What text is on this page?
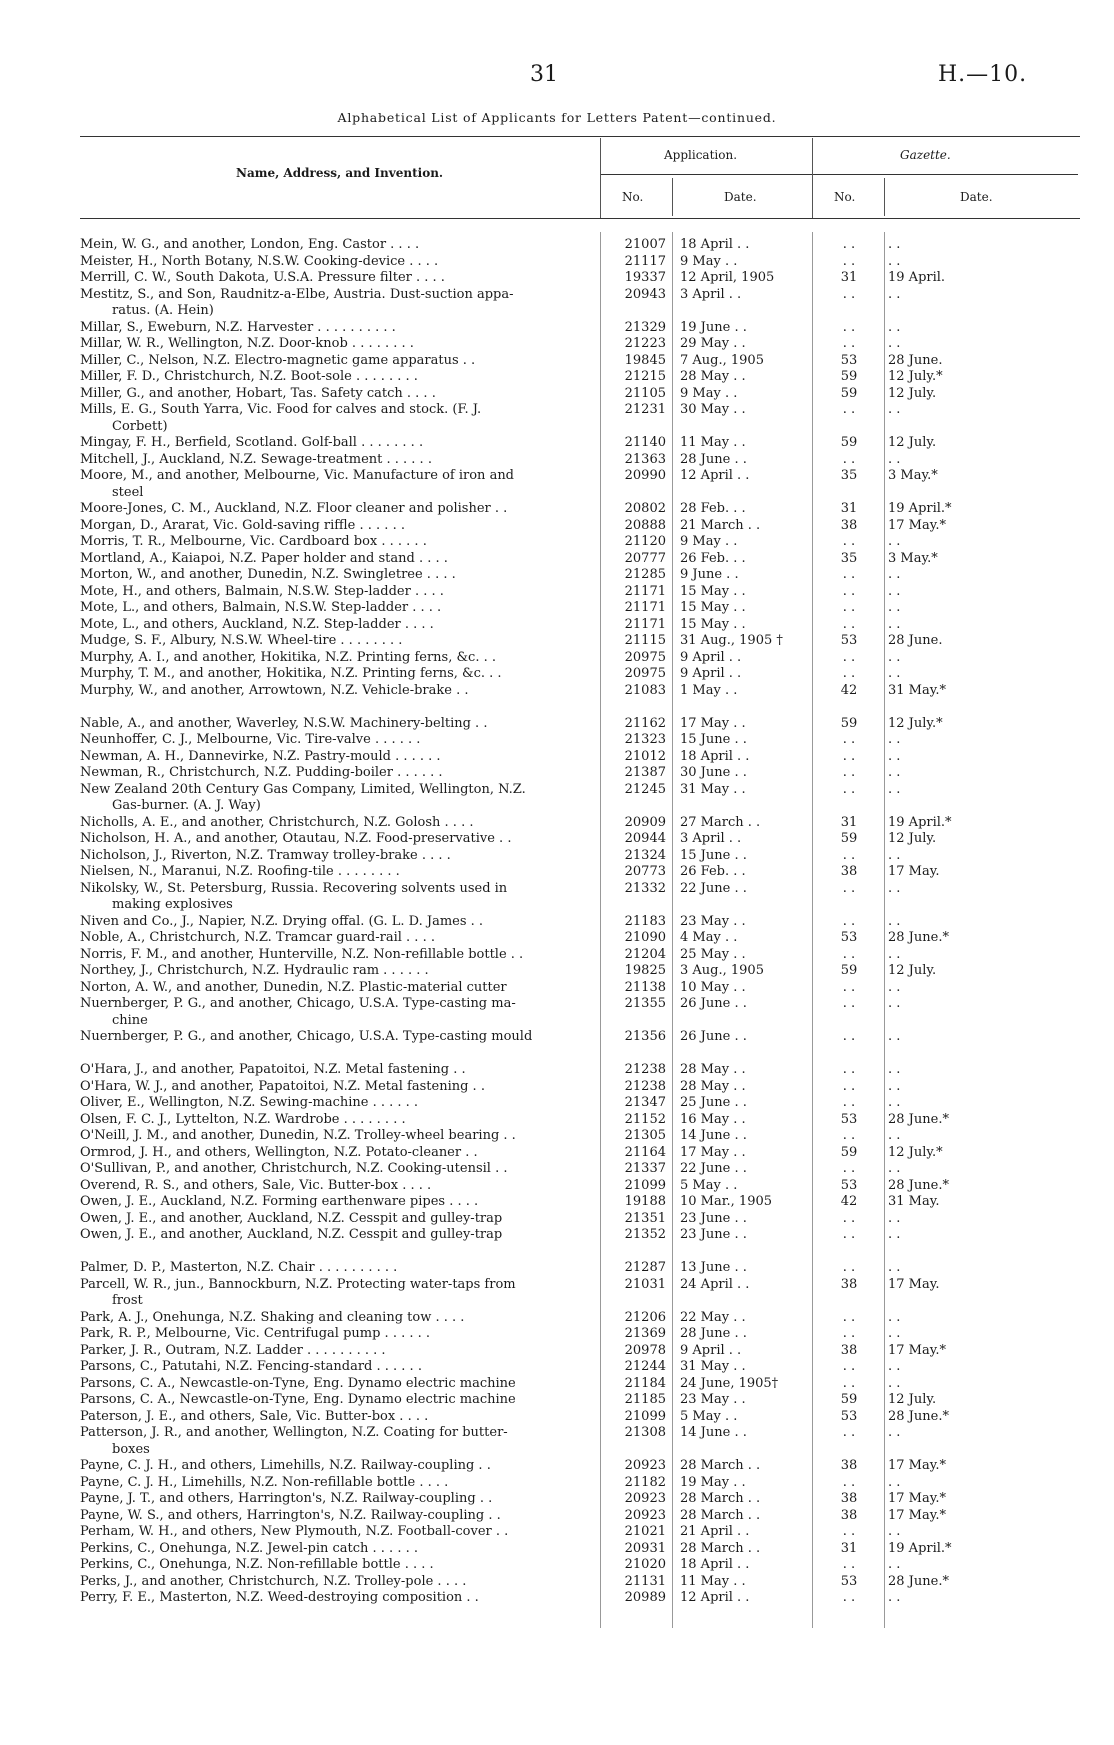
31	H.—10.
Alphabetical List of Applicants for Letters Patent—continued.
Name, Address, and Invention.
Application.	Gazette.
No.	Date.	No.	Date.
Mein, W. G., and another, London, Eng. Castor . . . .	21007 18 April . .	. .	. .
Meister, H., North Botany, N.S.W. Cooking-device . . . .	21117 9 May . .	. .	. .
Merrill, C. W., South Dakota, U.S.A. Pressure filter . . . .	19337 12 April, 1905	31	19 April.
Mestitz, S., and Son, Raudnitz-a-Elbe, Austria. Dust-suction appa-	20943 3 April . .	. .	. .
ratus. (A. Hein)
Millar, S., Eweburn, N.Z. Harvester . . . . . . . . . .	21329 19 June . .	. .	. .
Millar, W. R., Wellington, N.Z. Door-knob . . . . . . . .	21223 29 May . .	. .	. .
Miller, C., Nelson, N.Z. Electro-magnetic game apparatus . .	19845 7 Aug., 1905	53	28 June.
Miller, F. D., Christchurch, N.Z. Boot-sole . . . . . . . .	21215 28 May . .	59	12 July.*
Miller, G., and another, Hobart, Tas. Safety catch . . . .	21105 9 May . .	59	12 July.
Mills, E. G., South Yarra, Vic. Food for calves and stock. (F. J.	21231 30 May . .	. .	. .
Corbett)
Mingay, F. H., Berfield, Scotland. Golf-ball . . . . . . . .	21140 11 May . .	59	12 July.
Mitchell, J., Auckland, N.Z. Sewage-treatment . . . . . .	21363 28 June . .	. .	. .
Moore, M., and another, Melbourne, Vic. Manufacture of iron and	20990 12 April . .	35	3 May.*
steel
Moore-Jones, C. M., Auckland, N.Z. Floor cleaner and polisher . .	20802 28 Feb. . .	31	19 April.*
Morgan, D., Ararat, Vic. Gold-saving riffle . . . . . .	20888 21 March . .	38	17 May.*
Morris, T. R., Melbourne, Vic. Cardboard box . . . . . .	21120 9 May . .	. .	. .
Mortland, A., Kaiapoi, N.Z. Paper holder and stand . . . .	20777 26 Feb. . .	35	3 May.*
Morton, W., and another, Dunedin, N.Z. Swingletree . . . .	21285 9 June . .	. .	. .
Mote, H., and others, Balmain, N.S.W. Step-ladder . . . .	21171 15 May . .	. .	. .
Mote, L., and others, Balmain, N.S.W. Step-ladder . . . .	21171 15 May . .	. .	. .
Mote, L., and others, Auckland, N.Z. Step-ladder . . . .	21171 15 May . .	. .	. .
Mudge, S. F., Albury, N.S.W. Wheel-tire . . . . . . . .	21115 31 Aug., 1905 †	53	28 June.
Murphy, A. I., and another, Hokitika, N.Z. Printing ferns, &c. . .	20975 9 April . .	. .	. .
Murphy, T. M., and another, Hokitika, N.Z. Printing ferns, &c. . .	20975 9 April . .	. .	. .
Murphy, W., and another, Arrowtown, N.Z. Vehicle-brake . .	21083 1 May . .	42	31 May.*
Nable, A., and another, Waverley, N.S.W. Machinery-belting . .	21162 17 May . .	59	12 July.*
Neunhoffer, C. J., Melbourne, Vic. Tire-valve . . . . . .	21323 15 June . .	. .	. .
Newman, A. H., Dannevirke, N.Z. Pastry-mould . . . . . .	21012 18 April . .	. .	. .
Newman, R., Christchurch, N.Z. Pudding-boiler . . . . . .	21387 30 June . .	. .	. .
New Zealand 20th Century Gas Company, Limited, Wellington, N.Z.	21245 31 May . .	. .	. .
Gas-burner. (A. J. Way)
Nicholls, A. E., and another, Christchurch, N.Z. Golosh . . . .	20909 27 March . .	31	19 April.*
Nicholson, H. A., and another, Otautau, N.Z. Food-preservative . .	20944 3 April . .	59	12 July.
Nicholson, J., Riverton, N.Z. Tramway trolley-brake . . . .	21324 15 June . .	. .	. .
Nielsen, N., Maranui, N.Z. Roofing-tile . . . . . . . .	20773 26 Feb. . .	38	17 May.
Nikolsky, W., St. Petersburg, Russia. Recovering solvents used in	21332 22 June . .	. .	. .
making explosives
Niven and Co., J., Napier, N.Z. Drying offal. (G. L. D. James . .	21183 23 May . .	. .	. .
Noble, A., Christchurch, N.Z. Tramcar guard-rail . . . .	21090 4 May . .	53	28 June.*
Norris, F. M., and another, Hunterville, N.Z. Non-refillable bottle . .	21204 25 May . .	. .	. .
Northey, J., Christchurch, N.Z. Hydraulic ram . . . . . .	19825 3 Aug., 1905	59	12 July.
Norton, A. W., and another, Dunedin, N.Z. Plastic-material cutter	21138 10 May . .	. .	. .
Nuernberger, P. G., and another, Chicago, U.S.A. Type-casting ma-	21355 26 June . .	. .	. .
chine
Nuernberger, P. G., and another, Chicago, U.S.A. Type-casting mould	21356 26 June . .	. .	. .
O'Hara, J., and another, Papatoitoi, N.Z. Metal fastening . .	21238 28 May . .	. .	. .
O'Hara, W. J., and another, Papatoitoi, N.Z. Metal fastening . .	21238 28 May . .	. .	. .
Oliver, E., Wellington, N.Z. Sewing-machine . . . . . .	21347 25 June . .	. .	. .
Olsen, F. C. J., Lyttelton, N.Z. Wardrobe . . . . . . . .	21152 16 May . .	53	28 June.*
O'Neill, J. M., and another, Dunedin, N.Z. Trolley-wheel bearing . .	21305 14 June . .	. .	. .
Ormrod, J. H., and others, Wellington, N.Z. Potato-cleaner . .	21164 17 May . .	59	12 July.*
O'Sullivan, P., and another, Christchurch, N.Z. Cooking-utensil . .	21337 22 June . .	. .	. .
Overend, R. S., and others, Sale, Vic. Butter-box . . . .	21099 5 May . .	53	28 June.*
Owen, J. E., Auckland, N.Z. Forming earthenware pipes . . . .	19188 10 Mar., 1905	42	31 May.
Owen, J. E., and another, Auckland, N.Z. Cesspit and gulley-trap	21351 23 June . .	. .	. .
Owen, J. E., and another, Auckland, N.Z. Cesspit and gulley-trap	21352 23 June . .	. .	. .
Palmer, D. P., Masterton, N.Z. Chair . . . . . . . . . .	21287 13 June . .	. .	. .
Parcell, W. R., jun., Bannockburn, N.Z. Protecting water-taps from	21031 24 April . .	38	17 May.
frost
Park, A. J., Onehunga, N.Z. Shaking and cleaning tow . . . .	21206 22 May . .	. .	. .
Park, R. P., Melbourne, Vic. Centrifugal pump . . . . . .	21369 28 June . .	. .	. .
Parker, J. R., Outram, N.Z. Ladder . . . . . . . . . .	20978 9 April . .	38	17 May.*
Parsons, C., Patutahi, N.Z. Fencing-standard . . . . . .	21244 31 May . .	. .	. .
Parsons, C. A., Newcastle-on-Tyne, Eng. Dynamo electric machine	21184 24 June, 1905†	. .	. .
Parsons, C. A., Newcastle-on-Tyne, Eng. Dynamo electric machine	21185 23 May . .	59	12 July.
Paterson, J. E., and others, Sale, Vic. Butter-box . . . .	21099 5 May . .	53	28 June.*
Patterson, J. R., and another, Wellington, N.Z. Coating for butter-	21308 14 June . .	. .	. .
boxes
Payne, C. J. H., and others, Limehills, N.Z. Railway-coupling . .	20923 28 March . .	38	17 May.*
Payne, C. J. H., Limehills, N.Z. Non-refillable bottle . . . .	21182 19 May . .	. .	. .
Payne, J. T., and others, Harrington's, N.Z. Railway-coupling . .	20923 28 March . .	38	17 May.*
Payne, W. S., and others, Harrington's, N.Z. Railway-coupling . .	20923 28 March . .	38	17 May.*
Perham, W. H., and others, New Plymouth, N.Z. Football-cover . .	21021 21 April . .	. .	. .
Perkins, C., Onehunga, N.Z. Jewel-pin catch . . . . . .	20931 28 March . .	31	19 April.*
Perkins, C., Onehunga, N.Z. Non-refillable bottle . . . .	21020 18 April . .	. .	. .
Perks, J., and another, Christchurch, N.Z. Trolley-pole . . . .	21131 11 May . .	53	28 June.*
Perry, F. E., Masterton, N.Z. Weed-destroying composition . .	20989 12 April . .	. .	. .
